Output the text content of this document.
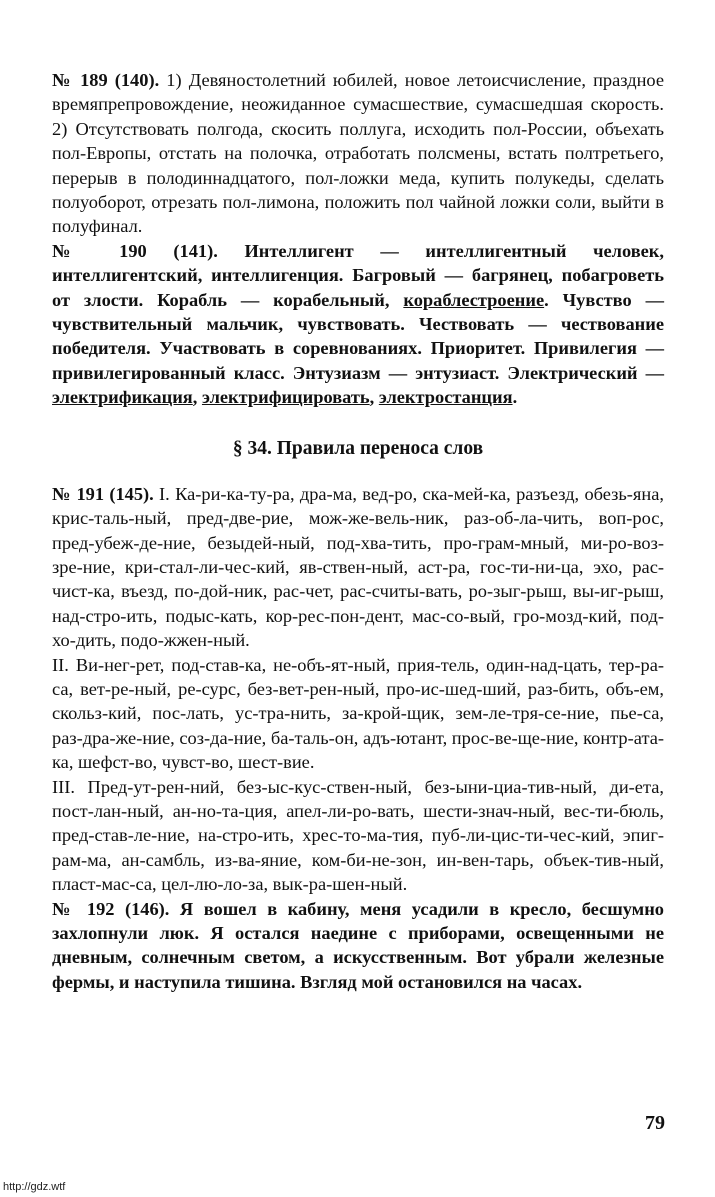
№ 189 (140). 1) Девяностолетний юбилей, новое летоисчисление, праздное времяпрепровождение, неожиданное сумасшествие, сумасшедшая скорость. 2) Отсутствовать полгода, скосить поллуга, исходить пол-России, объехать пол-Европы, отстать на полочка, отработать полсмены, встать полтретьего, перерыв в полодиннадцатого, пол-ложки меда, купить полукеды, сделать полуоборот, отрезать пол-лимона, положить пол чайной ложки соли, выйти в полуфинал.

№ 190 (141). Интеллигент — интеллигентный человек, интеллигентский, интеллигенция. Багровый — багрянец, побагроветь от злости. Корабль — корабельный, кораблестроение. Чувство — чувствительный мальчик, чувствовать. Чествовать — чествование победителя. Участвовать в соревнованиях. Приоритет. Привилегия — привилегированный класс. Энтузиазм — энтузиаст. Электрический — электрификация, электрифицировать, электростанция.

§ 34. Правила переноса слов

№ 191 (145). I. Ка-ри-ка-ту-ра, дра-ма, вед-ро, ска-мей-ка, разъезд, обезь-яна, крис-таль-ный, пред-две-рие, мож-же-вель-ник, раз-об-ла-чить, воп-рос, пред-убеж-де-ние, безыдей-ный, под-хва-тить, про-грам-мный, ми-ро-воз-зре-ние, кри-стал-ли-чес-кий, яв-ствен-ный, аст-ра, гос-ти-ни-ца, эхо, рас-чист-ка, въезд, по-дой-ник, рас-чет, рас-считы-вать, ро-зыг-рыш, вы-иг-рыш, над-стро-ить, подыс-кать, кор-рес-пон-дент, мас-со-вый, гро-мозд-кий, под-хо-дить, подо-жжен-ный.

II. Ви-нег-рет, под-став-ка, не-объ-ят-ный, прия-тель, один-над-цать, тер-ра-са, вет-ре-ный, ре-сурс, без-вет-рен-ный, про-ис-шед-ший, раз-бить, объ-ем, скольз-кий, пос-лать, ус-тра-нить, за-крой-щик, зем-ле-тря-се-ние, пье-са, раз-дра-же-ние, соз-да-ние, ба-таль-он, адъ-ютант, прос-ве-ще-ние, контр-ата-ка, шефст-во, чувст-во, шест-вие.

III. Пред-ут-рен-ний, без-ыс-кус-ствен-ный, без-ыни-циа-тив-ный, ди-ета, пост-лан-ный, ан-но-та-ция, апел-ли-ро-вать, шести-знач-ный, вес-ти-бюль, пред-став-ле-ние, на-стро-ить, хрес-то-ма-тия, пуб-ли-цис-ти-чес-кий, эпиг-рам-ма, ан-самбль, из-ва-яние, ком-би-не-зон, ин-вен-тарь, объек-тив-ный, пласт-мас-са, цел-лю-ло-за, вык-ра-шен-ный.

№ 192 (146). Я вошел в кабину, меня усадили в кресло, бесшумно захлопнули люк. Я остался наедине с приборами, освещенными не дневным, солнечным светом, а искусственным. Вот убрали железные фермы, и наступила тишина. Взгляд мой остановился на часах.

79
http://gdz.wtf
